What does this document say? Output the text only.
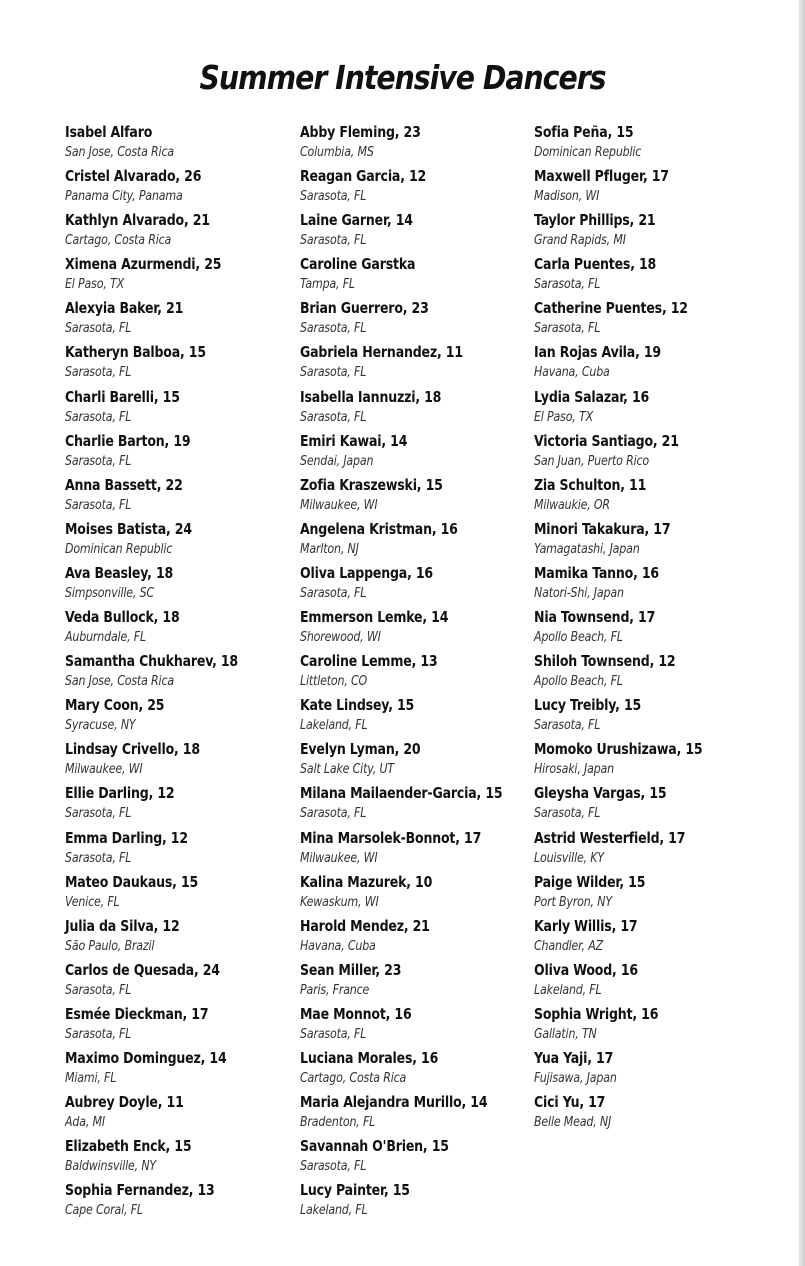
Summer Intensive Dancers
Isabel Alfaro
San Jose, Costa Rica
Cristel Alvarado, 26
Panama City, Panama
Kathlyn Alvarado, 21
Cartago, Costa Rica
Ximena Azurmendi, 25
El Paso, TX
Alexyia Baker, 21
Sarasota, FL
Katheryn Balboa, 15
Sarasota, FL
Charli Barelli, 15
Sarasota, FL
Charlie Barton, 19
Sarasota, FL
Anna Bassett, 22
Sarasota, FL
Moises Batista, 24
Dominican Republic
Ava Beasley, 18
Simpsonville, SC
Veda Bullock, 18
Auburndale, FL
Samantha Chukharev, 18
San Jose, Costa Rica
Mary Coon, 25
Syracuse, NY
Lindsay Crivello, 18
Milwaukee, WI
Ellie Darling, 12
Sarasota, FL
Emma Darling, 12
Sarasota, FL
Mateo Daukaus, 15
Venice, FL
Julia da Silva, 12
São Paulo, Brazil
Carlos de Quesada, 24
Sarasota, FL
Esmée Dieckman, 17
Sarasota, FL
Maximo Dominguez, 14
Miami, FL
Aubrey Doyle, 11
Ada, MI
Elizabeth Enck, 15
Baldwinsville, NY
Sophia Fernandez, 13
Cape Coral, FL
Abby Fleming, 23
Columbia, MS
Reagan Garcia, 12
Sarasota, FL
Laine Garner, 14
Sarasota, FL
Caroline Garstka
Tampa, FL
Brian Guerrero, 23
Sarasota, FL
Gabriela Hernandez, 11
Sarasota, FL
Isabella Iannuzzi, 18
Sarasota, FL
Emiri Kawai, 14
Sendai, Japan
Zofia Kraszewski, 15
Milwaukee, WI
Angelena Kristman, 16
Marlton, NJ
Oliva Lappenga, 16
Sarasota, FL
Emmerson Lemke, 14
Shorewood, WI
Caroline Lemme, 13
Littleton, CO
Kate Lindsey, 15
Lakeland, FL
Evelyn Lyman, 20
Salt Lake City, UT
Milana Mailaender-Garcia, 15
Sarasota, FL
Mina Marsolek-Bonnot, 17
Milwaukee, WI
Kalina Mazurek, 10
Kewaskum, WI
Harold Mendez, 21
Havana, Cuba
Sean Miller, 23
Paris, France
Mae Monnot, 16
Sarasota, FL
Luciana Morales, 16
Cartago, Costa Rica
Maria Alejandra Murillo, 14
Bradenton, FL
Savannah O'Brien, 15
Sarasota, FL
Lucy Painter, 15
Lakeland, FL
Sofia Peña, 15
Dominican Republic
Maxwell Pfluger, 17
Madison, WI
Taylor Phillips, 21
Grand Rapids, MI
Carla Puentes, 18
Sarasota, FL
Catherine Puentes, 12
Sarasota, FL
Ian Rojas Avila, 19
Havana, Cuba
Lydia Salazar, 16
El Paso, TX
Victoria Santiago, 21
San Juan, Puerto Rico
Zia Schulton, 11
Milwaukie, OR
Minori Takakura, 17
Yamagatashi, Japan
Mamika Tanno, 16
Natori-Shi, Japan
Nia Townsend, 17
Apollo Beach, FL
Shiloh Townsend, 12
Apollo Beach, FL
Lucy Treibly, 15
Sarasota, FL
Momoko Urushizawa, 15
Hirosaki, Japan
Gleysha Vargas, 15
Sarasota, FL
Astrid Westerfield, 17
Louisville, KY
Paige Wilder, 15
Port Byron, NY
Karly Willis, 17
Chandler, AZ
Oliva Wood, 16
Lakeland, FL
Sophia Wright, 16
Gallatin, TN
Yua Yaji, 17
Fujisawa, Japan
Cici Yu, 17
Belle Mead, NJ
